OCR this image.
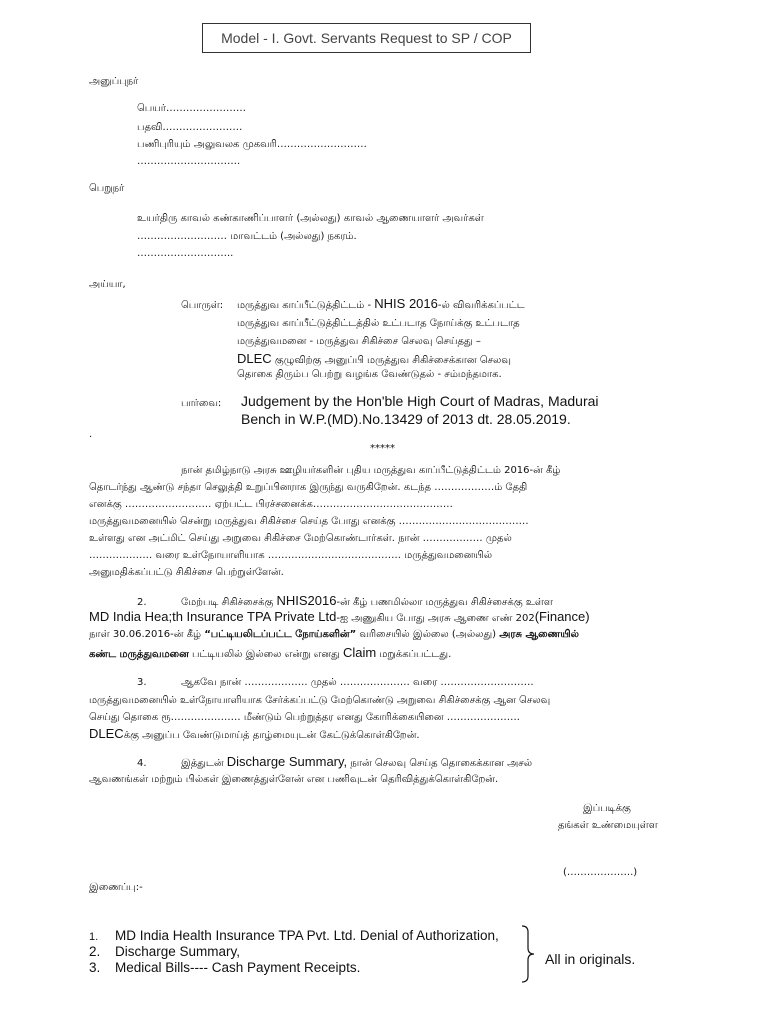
Model - I. Govt. Servants Request to SP / COP
அனுப்புநர்
பெயர்……………………
பதவி……………………
பணிபுரியும் அலுவலக முகவரி………………………
………………………….
பெறுநர்
உயர்திரு காவல் கண்காணிப்பாளர் (அல்லது) காவல் ஆணையாளர் அவர்கள்
……………………… மாவட்டம் (அல்லது) நகரம்.
………………………..
அய்யா,
பொருள்: மருத்துவ காப்பீட்டுத்திட்டம் - NHIS 2016-ல் விவரிக்கப்பட்ட
மருத்துவ காப்பீட்டுத்திட்டத்தில் உட்படாத நோய்க்கு உட்படாத
மருத்துவமனை - மருத்துவ சிகிச்சை செலவு செய்தது –
DLEC குழுவிற்கு அனுப்பி மருத்துவ சிகிச்சைக்கான செலவு
தொகை திரும்ப பெற்று வழங்க வேண்டுதல் - சம்மந்தமாக.
பார்வை: Judgement by the Hon'ble High Court of Madras, Madurai
Bench in W.P.(MD).No.13429 of 2013 dt. 28.05.2019.
.
*****
நான் தமிழ்நாடு அரசு ஊழியர்களின் புதிய மருத்துவ காப்பீட்டுத்திட்டம் 2016-ன் கீழ்
தொடர்ந்து ஆண்டு சந்தா செலுத்தி உறுப்பினராக இருந்து வருகிறேன். கடந்த ………………ம் தேதி
எனக்கு …………………….. ஏற்பட்ட பிரச்சனைக்க……………………………………
மருத்துவமனையில் சென்று மருத்துவ சிகிச்சை செய்த போது எனக்கு …………………………………
உள்ளது என அட்மிட் செய்து அறுவை சிகிச்சை மேற்கொண்டார்கள். நான் ……………… முதல்
………………. வரை உள்நோயாளியாக …………………………………. மருத்துவமனையில்
அனுமதிக்கப்பட்டு சிகிச்சை பெற்றுள்ளேன்.
2.	மேற்படி சிகிச்சைக்கு NHIS2016-ன் கீழ் பணமில்லா மருத்துவ சிகிச்சைக்கு உள்ள
MD India Hea;th Insurance TPA Private Ltd-ஐ அணுகிய போது அரசு ஆணை எண் 202(Finance)
நாள் 30.06.2016-ன் கீழ் “பட்டியலிடப்பட்ட நோய்களின்” வரிசையில் இல்லை (அல்லது) அரசு ஆணையில்
கண்ட மருத்துவமனை பட்டியலில் இல்லை என்று எனது Claim மறுக்கப்பட்டது.
3.	ஆகவே நான் ………………. முதல் ………………… வரை ……………………….
மருத்துவமனையில் உள்நோயாளியாக சேர்க்கப்பட்டு மேற்கொண்டு அறுவை சிகிச்சைக்கு ஆன செலவு
செய்து தொகை ரூ………………… மீண்டும் பெற்றுத்தர எனது கோரிக்கையினை ………………….
DLECக்கு அனுப்ப வேண்டுமாய்த் தாழ்மையுடன் கேட்டுக்கொள்கிறேன்.
4.	இத்துடன் Discharge Summary, நான் செலவு செய்த தொகைக்கான அசல்
ஆவணங்கள் மற்றும் பில்கள் இணைத்துள்ளேன் என பணிவுடன் தெரிவித்துக்கொள்கிறேன்.
இப்படிக்கு
தங்கள் உண்மையுள்ள
(………………..)
இணைப்பு:-
1. MD India Health Insurance TPA Pvt. Ltd. Denial of Authorization,
2. Discharge Summary,
3. Medical Bills---- Cash Payment Receipts.
All in originals.
